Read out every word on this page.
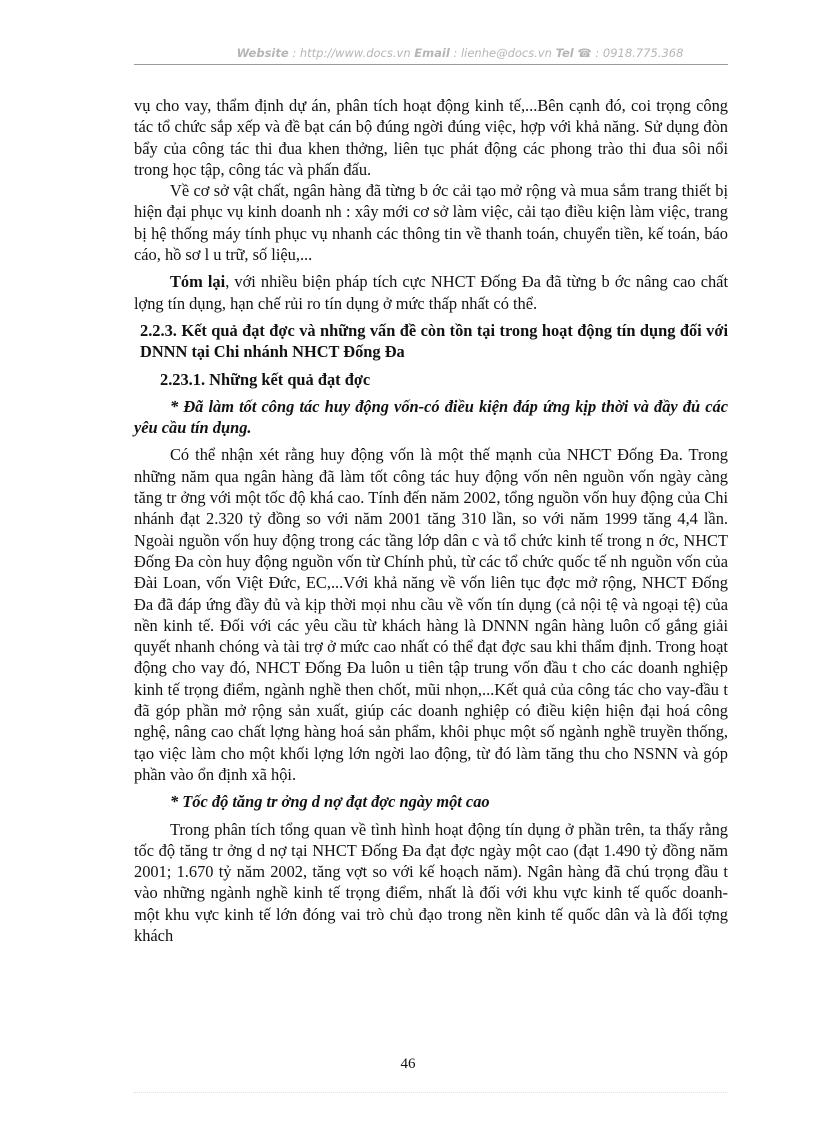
Website : http://www.docs.vn Email : lienhe@docs.vn Tel ☎ : 0918.775.368

vụ cho vay, thẩm định dự án, phân tích hoạt động kinh tế,...Bên cạnh đó, coi trọng công tác tổ chức sắp xếp và đề bạt cán bộ đúng ngời đúng việc, hợp với khả năng. Sử dụng đòn bẩy của công tác thi đua khen thởng, liên tục phát động các phong trào thi đua sôi nổi trong học tập, công tác và phấn đấu.

Về cơ sở vật chất, ngân hàng đã từng b ớc cải tạo mở rộng và mua sắm trang thiết bị hiện đại phục vụ kinh doanh nh : xây mới cơ sở làm việc, cải tạo điều kiện làm việc, trang bị hệ thống máy tính phục vụ nhanh các thông tin về thanh toán, chuyển tiền, kế toán, báo cáo, hồ sơ l u trữ, số liệu,...

Tóm lại, với nhiều biện pháp tích cực NHCT Đống Đa đã từng b ớc nâng cao chất lợng tín dụng, hạn chế rủi ro tín dụng ở mức thấp nhất có thể.

2.2.3. Kết quả đạt đợc và những vấn đề còn tồn tại trong hoạt động tín dụng đối với DNNN tại Chi nhánh NHCT Đống Đa

2.23.1. Những kết quả đạt đợc

* Đã làm tốt công tác huy động vốn-có điều kiện đáp ứng kịp thời và đầy đủ các yêu cầu tín dụng.

Có thể nhận xét rằng huy động vốn là một thế mạnh của NHCT Đống Đa. Trong những năm qua ngân hàng đã làm tốt công tác huy động vốn nên nguồn vốn ngày càng tăng tr ởng với một tốc độ khá cao. Tính đến năm 2002, tổng nguồn vốn huy động của Chi nhánh đạt 2.320 tỷ đồng so với năm 2001 tăng 310 lần, so với năm 1999 tăng 4,4 lần. Ngoài nguồn vốn huy động trong các tầng lớp dân c và tổ chức kinh tế trong n ớc, NHCT Đống Đa còn huy động nguồn vốn từ Chính phủ, từ các tổ chức quốc tế nh nguồn vốn của Đài Loan, vốn Việt Đức, EC,...Với khả năng về vốn liên tục đợc mở rộng, NHCT Đống Đa đã đáp ứng đầy đủ và kịp thời mọi nhu cầu về vốn tín dụng (cả nội tệ và ngoại tệ) của nền kinh tế. Đối với các yêu cầu từ khách hàng là DNNN ngân hàng luôn cố gắng giải quyết nhanh chóng và tài trợ ở mức cao nhất có thể đạt đợc sau khi thẩm định. Trong hoạt động cho vay đó, NHCT Đống Đa luôn u tiên tập trung vốn đầu t cho các doanh nghiệp kinh tế trọng điểm, ngành nghề then chốt, mũi nhọn,...Kết quả của công tác cho vay-đầu t đã góp phần mở rộng sản xuất, giúp các doanh nghiệp có điều kiện hiện đại hoá công nghệ, nâng cao chất lợng hàng hoá sản phẩm, khôi phục một số ngành nghề truyền thống, tạo việc làm cho một khối lợng lớn ngời lao động, từ đó làm tăng thu cho NSNN và góp phần vào ổn định xã hội.

* Tốc độ tăng tr ởng d nợ đạt đợc ngày một cao

Trong phân tích tổng quan về tình hình hoạt động tín dụng ở phần trên, ta thấy rằng tốc độ tăng tr ởng d nợ tại NHCT Đống Đa đạt đợc ngày một cao (đạt 1.490 tỷ đồng năm 2001; 1.670 tỷ năm 2002, tăng vợt so với kế hoạch năm). Ngân hàng đã chú trọng đầu t vào những ngành nghề kinh tế trọng điểm, nhất là đối với khu vực kinh tế quốc doanh-một khu vực kinh tế lớn đóng vai trò chủ đạo trong nền kinh tế quốc dân và là đối tợng khách

46
